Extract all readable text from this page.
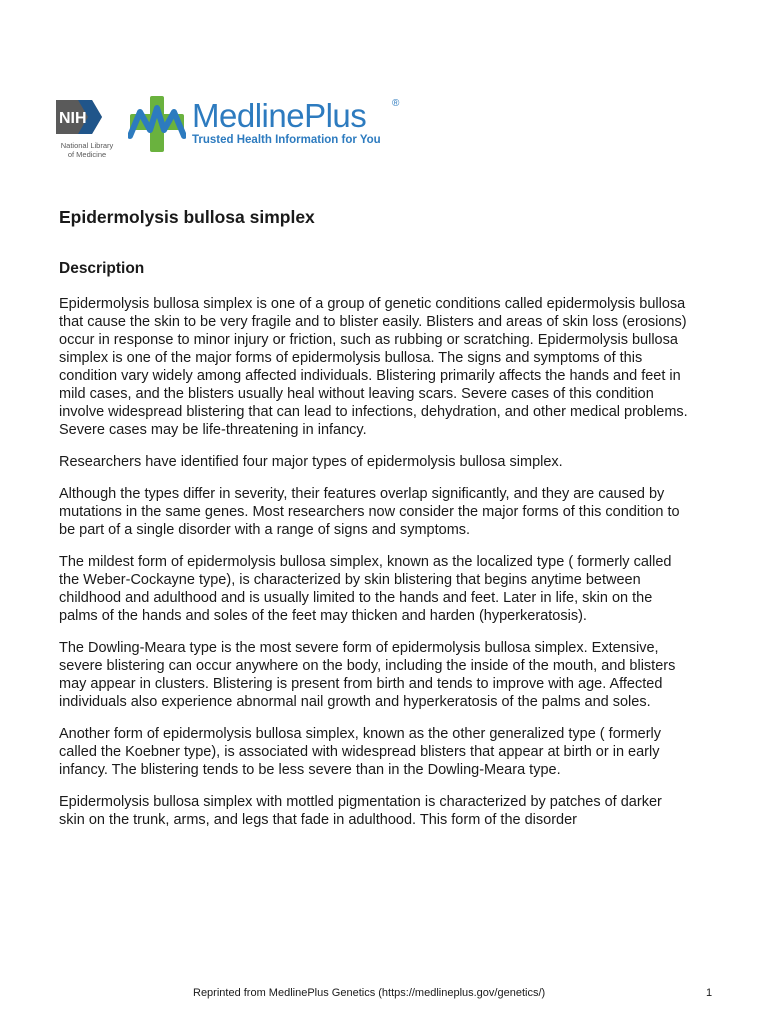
NIH
National Library
of Medicine
MedlinePlus	®
Trusted Health Information for You
Epidermolysis bullosa simplex
Description

Epidermolysis bullosa simplex is one of a group of genetic conditions called epidermolysis bullosa that cause the skin to be very fragile and to blister easily. Blisters and areas of skin loss (erosions) occur in response to minor injury or friction, such as rubbing or scratching. Epidermolysis bullosa simplex is one of the major forms of epidermolysis bullosa. The signs and symptoms of this condition vary widely among affected individuals. Blistering primarily affects the hands and feet in mild cases, and the blisters usually heal without leaving scars. Severe cases of this condition involve widespread blistering that can lead to infections, dehydration, and other medical problems. Severe cases may be life-threatening in infancy.

Researchers have identified four major types of epidermolysis bullosa simplex.

Although the types differ in severity, their features overlap significantly, and they are caused by mutations in the same genes. Most researchers now consider the major forms of this condition to be part of a single disorder with a range of signs and symptoms.

The mildest form of epidermolysis bullosa simplex, known as the localized type ( formerly called the Weber-Cockayne type), is characterized by skin blistering that begins anytime between childhood and adulthood and is usually limited to the hands and feet. Later in life, skin on the palms of the hands and soles of the feet may thicken and harden (hyperkeratosis).

The Dowling-Meara type is the most severe form of epidermolysis bullosa simplex. Extensive, severe blistering can occur anywhere on the body, including the inside of the mouth, and blisters may appear in clusters. Blistering is present from birth and tends to improve with age. Affected individuals also experience abnormal nail growth and hyperkeratosis of the palms and soles.

Another form of epidermolysis bullosa simplex, known as the other generalized type ( formerly called the Koebner type), is associated with widespread blisters that appear at birth or in early infancy. The blistering tends to be less severe than in the Dowling-Meara type.

Epidermolysis bullosa simplex with mottled pigmentation is characterized by patches of darker skin on the trunk, arms, and legs that fade in adulthood. This form of the disorder

Reprinted from MedlinePlus Genetics (https://medlineplus.gov/genetics/)	1
